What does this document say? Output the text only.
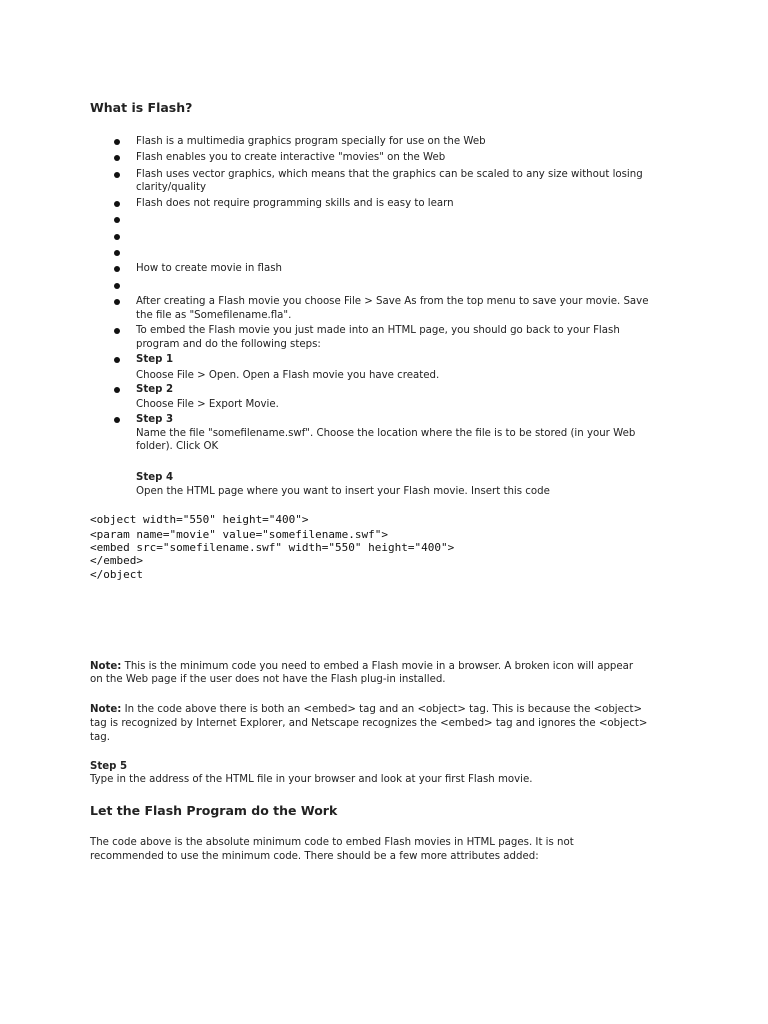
What is Flash?
Flash is a multimedia graphics program specially for use on the Web
Flash enables you to create interactive "movies" on the Web
Flash uses vector graphics, which means that the graphics can be scaled to any size without losing
clarity/quality
Flash does not require programming skills and is easy to learn
How to create movie in flash
After creating a Flash movie you choose File > Save As from the top menu to save your movie. Save
the file as "Somefilename.fla".
To embed the Flash movie you just made into an HTML page, you should go back to your Flash
program and do the following steps:
Step 1
Choose File > Open. Open a Flash movie you have created.
Step 2
Choose File > Export Movie.
Step 3
Name the file "somefilename.swf". Choose the location where the file is to be stored (in your Web
folder). Click OK
Step 4
Open the HTML page where you want to insert your Flash movie. Insert this code
<object width="550" height="400">
<param name="movie" value="somefilename.swf">
<embed src="somefilename.swf" width="550" height="400">
</embed>
</object
Note: This is the minimum code you need to embed a Flash movie in a browser. A broken icon will appear
on the Web page if the user does not have the Flash plug-in installed.
Note: In the code above there is both an <embed> tag and an <object> tag. This is because the <object>
tag is recognized by Internet Explorer, and Netscape recognizes the <embed> tag and ignores the <object>
tag.
Step 5
Type in the address of the HTML file in your browser and look at your first Flash movie.
Let the Flash Program do the Work
The code above is the absolute minimum code to embed Flash movies in HTML pages. It is not
recommended to use the minimum code. There should be a few more attributes added:
